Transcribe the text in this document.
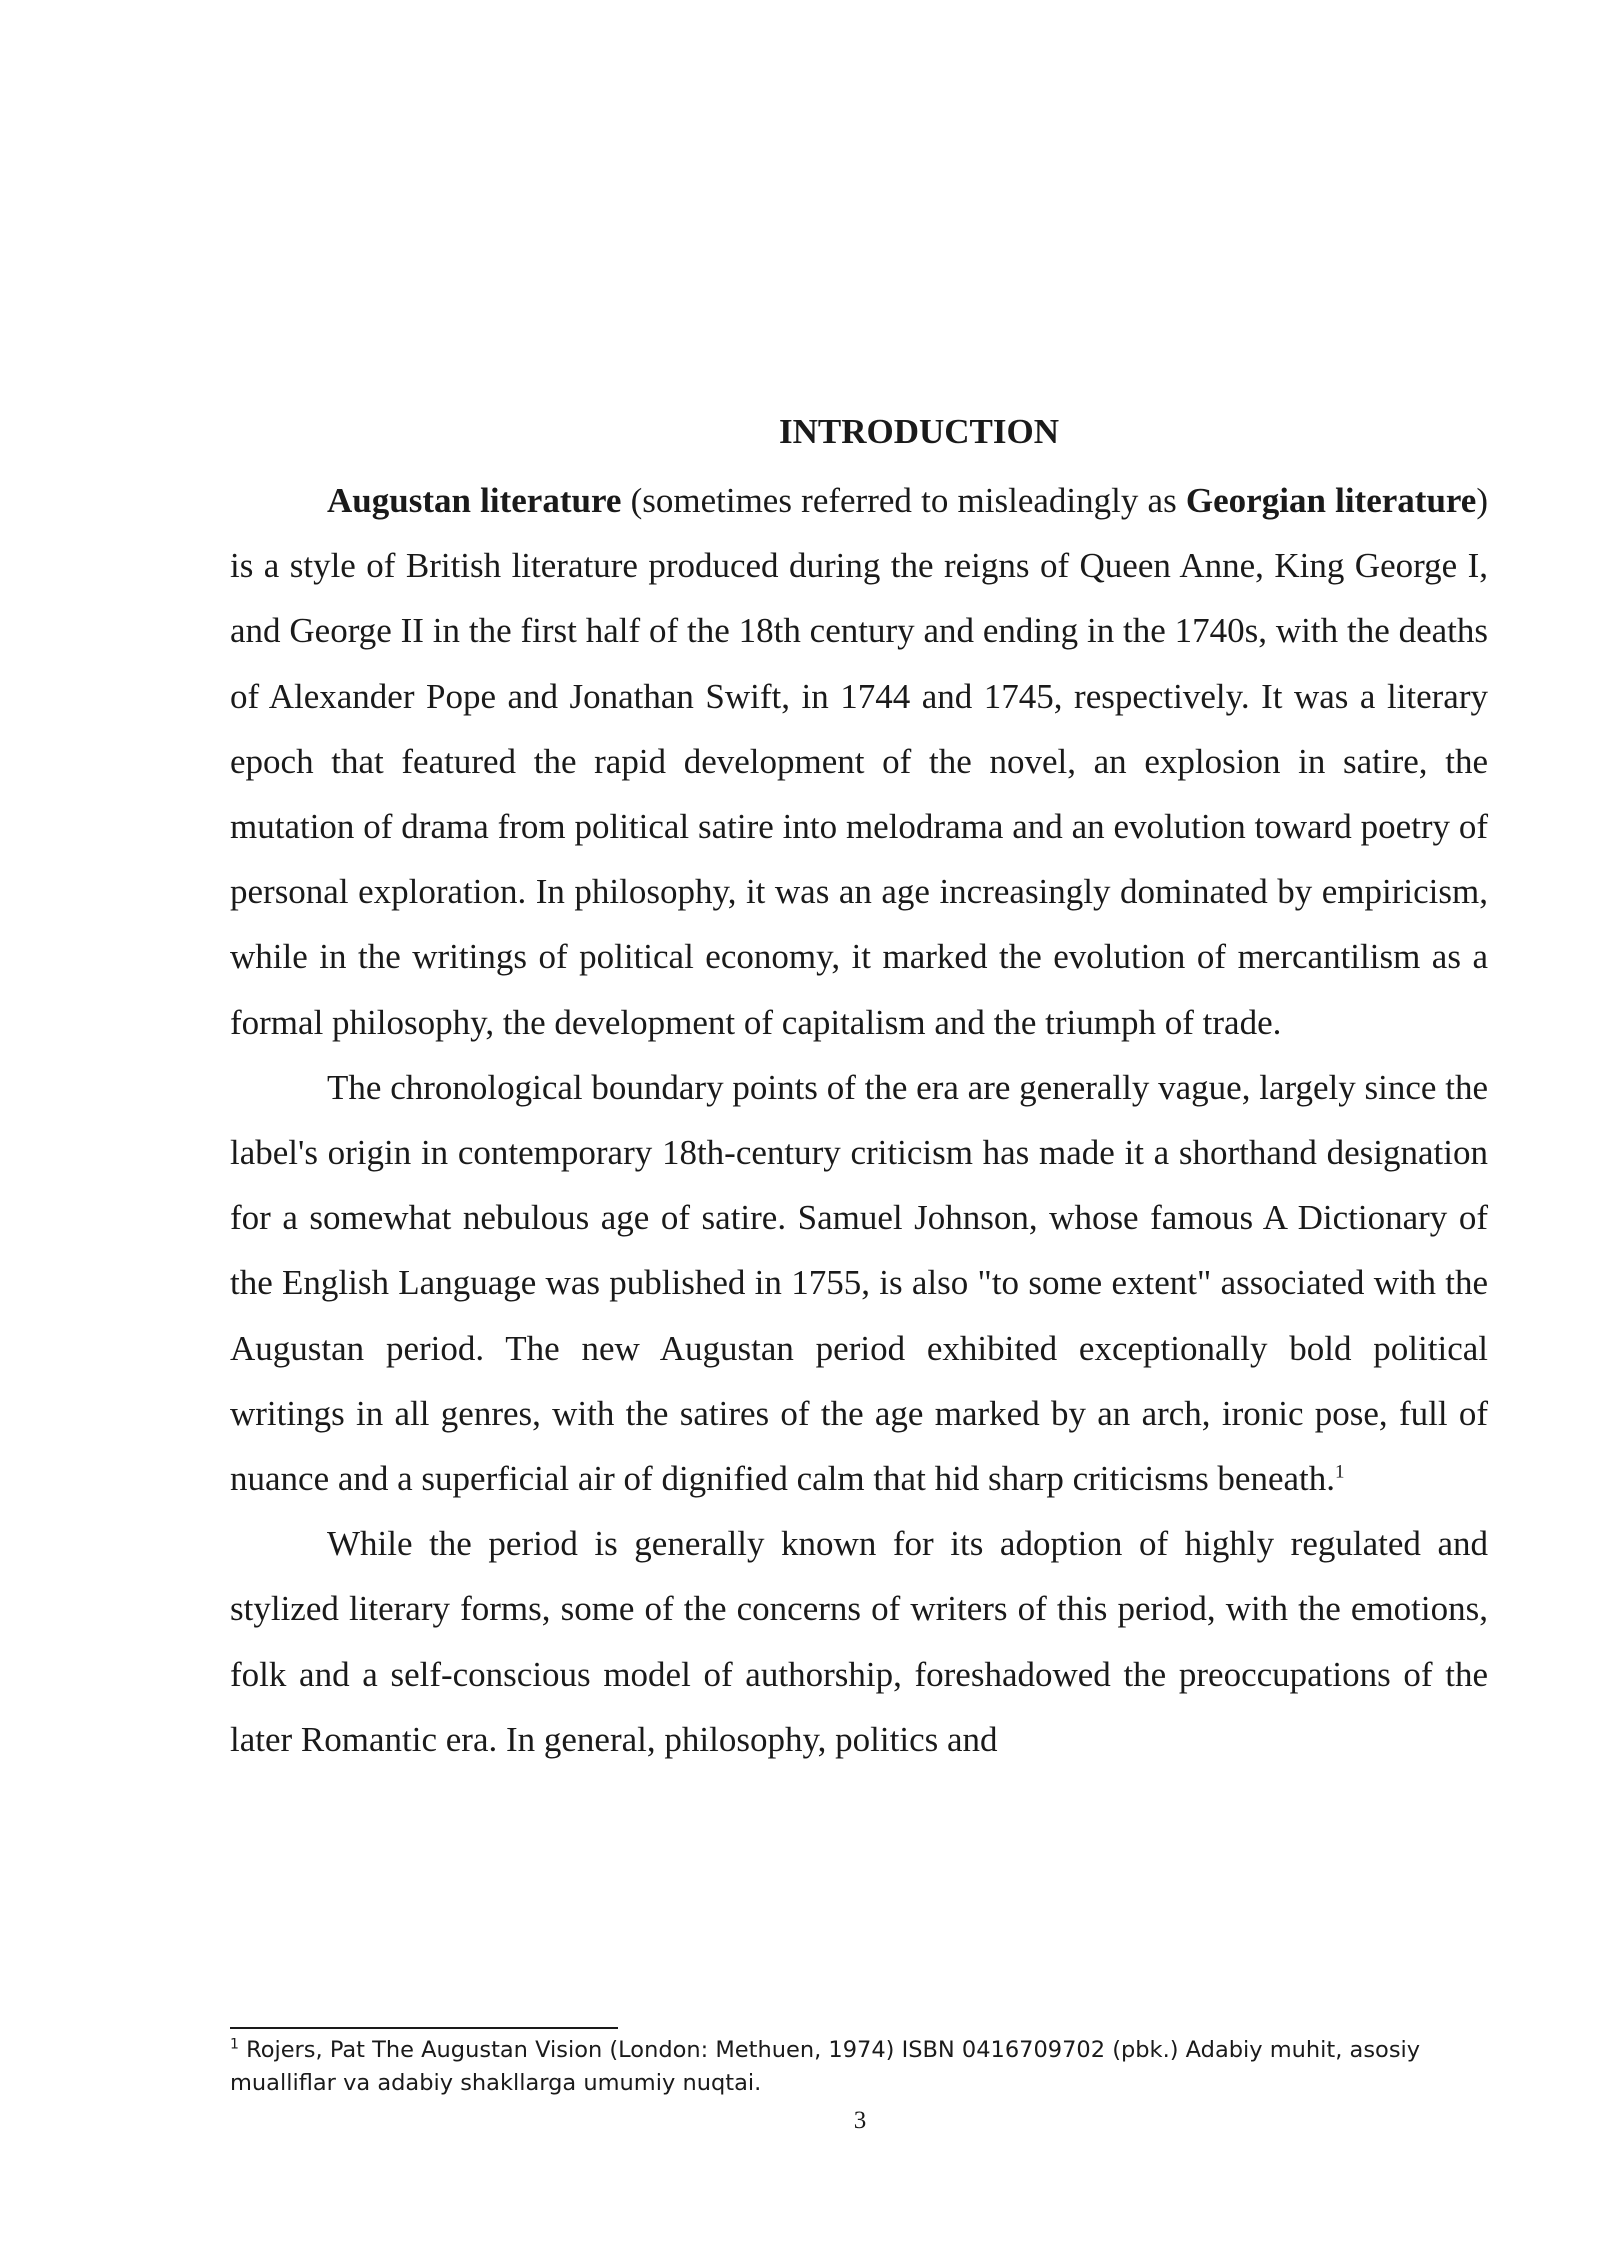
INTRODUCTION

Augustan literature (sometimes referred to misleadingly as Georgian literature) is a style of British literature produced during the reigns of Queen Anne, King George I, and George II in the first half of the 18th century and ending in the 1740s, with the deaths of Alexander Pope and Jonathan Swift, in 1744 and 1745, respectively. It was a literary epoch that featured the rapid development of the novel, an explosion in satire, the mutation of drama from political satire into melodrama and an evolution toward poetry of personal exploration. In philosophy, it was an age increasingly dominated by empiricism, while in the writings of political economy, it marked the evolution of mercantilism as a formal philosophy, the development of capitalism and the triumph of trade.

The chronological boundary points of the era are generally vague, largely since the label's origin in contemporary 18th-century criticism has made it a shorthand designation for a somewhat nebulous age of satire. Samuel Johnson, whose famous A Dictionary of the English Language was published in 1755, is also "to some extent" associated with the Augustan period. The new Augustan period exhibited exceptionally bold political writings in all genres, with the satires of the age marked by an arch, ironic pose, full of nuance and a superficial air of dignified calm that hid sharp criticisms beneath.$^1$

While the period is generally known for its adoption of highly regulated and stylized literary forms, some of the concerns of writers of this period, with the emotions, folk and a self-conscious model of authorship, foreshadowed the preoccupations of the later Romantic era. In general, philosophy, politics and

$^1$ Rojers, Pat The Augustan Vision (London: Methuen, 1974) ISBN 0416709702 (pbk.) Adabiy muhit, asosiy mualliflar va adabiy shakllarga umumiy nuqtai.

3
